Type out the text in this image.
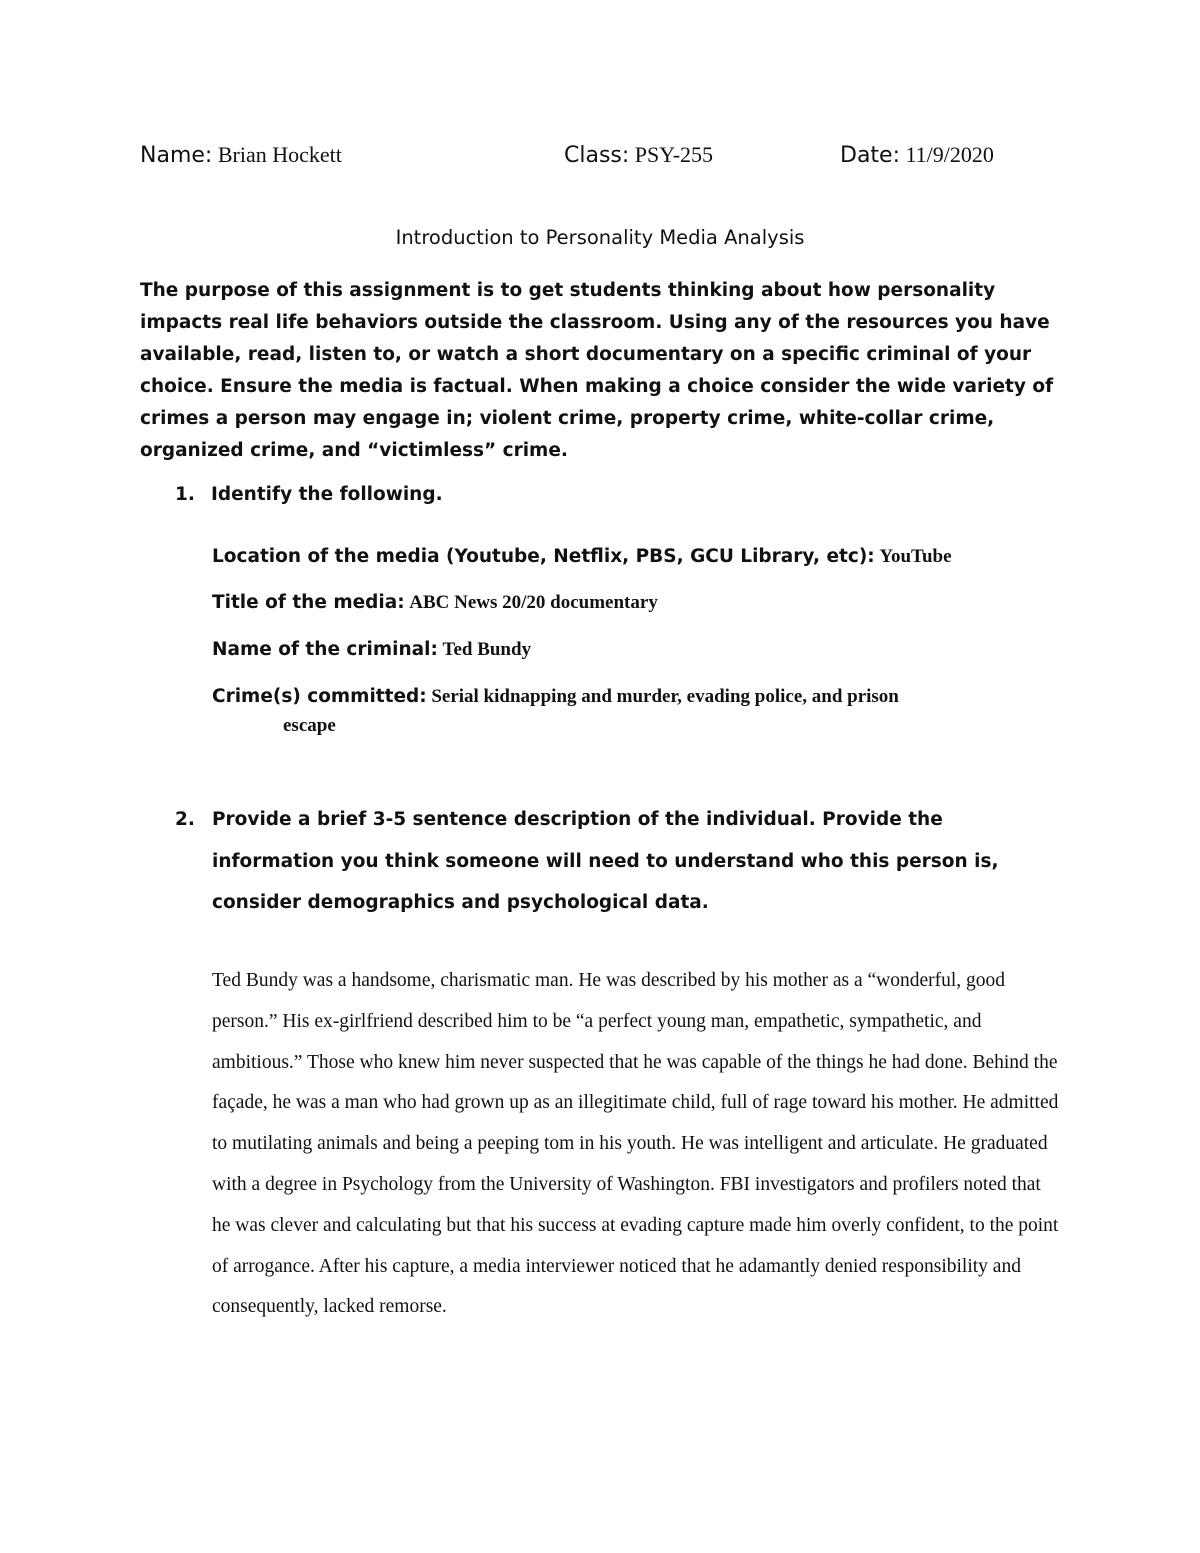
Name: Brian Hockett	Class: PSY-255	Date: 11/9/2020
Introduction to Personality Media Analysis

The purpose of this assignment is to get students thinking about how personality impacts real life behaviors outside the classroom. Using any of the resources you have available, read, listen to, or watch a short documentary on a specific criminal of your choice. Ensure the media is factual. When making a choice consider the wide variety of crimes a person may engage in; violent crime, property crime, white-collar crime, organized crime, and “victimless” crime.

1. Identify the following.
Location of the media (Youtube, Netflix, PBS, GCU Library, etc): YouTube
Title of the media: ABC News 20/20 documentary
Name of the criminal: Ted Bundy
Crime(s) committed: Serial kidnapping and murder, evading police, and prison
escape
2. Provide a brief 3-5 sentence description of the individual. Provide the information you think someone will need to understand who this person is, consider demographics and psychological data.

Ted Bundy was a handsome, charismatic man. He was described by his mother as a “wonderful, good person.” His ex-girlfriend described him to be “a perfect young man, empathetic, sympathetic, and ambitious.” Those who knew him never suspected that he was capable of the things he had done. Behind the façade, he was a man who had grown up as an illegitimate child, full of rage toward his mother. He admitted to mutilating animals and being a peeping tom in his youth. He was intelligent and articulate. He graduated with a degree in Psychology from the University of Washington. FBI investigators and profilers noted that he was clever and calculating but that his success at evading capture made him overly confident, to the point of arrogance. After his capture, a media interviewer noticed that he adamantly denied responsibility and consequently, lacked remorse.
